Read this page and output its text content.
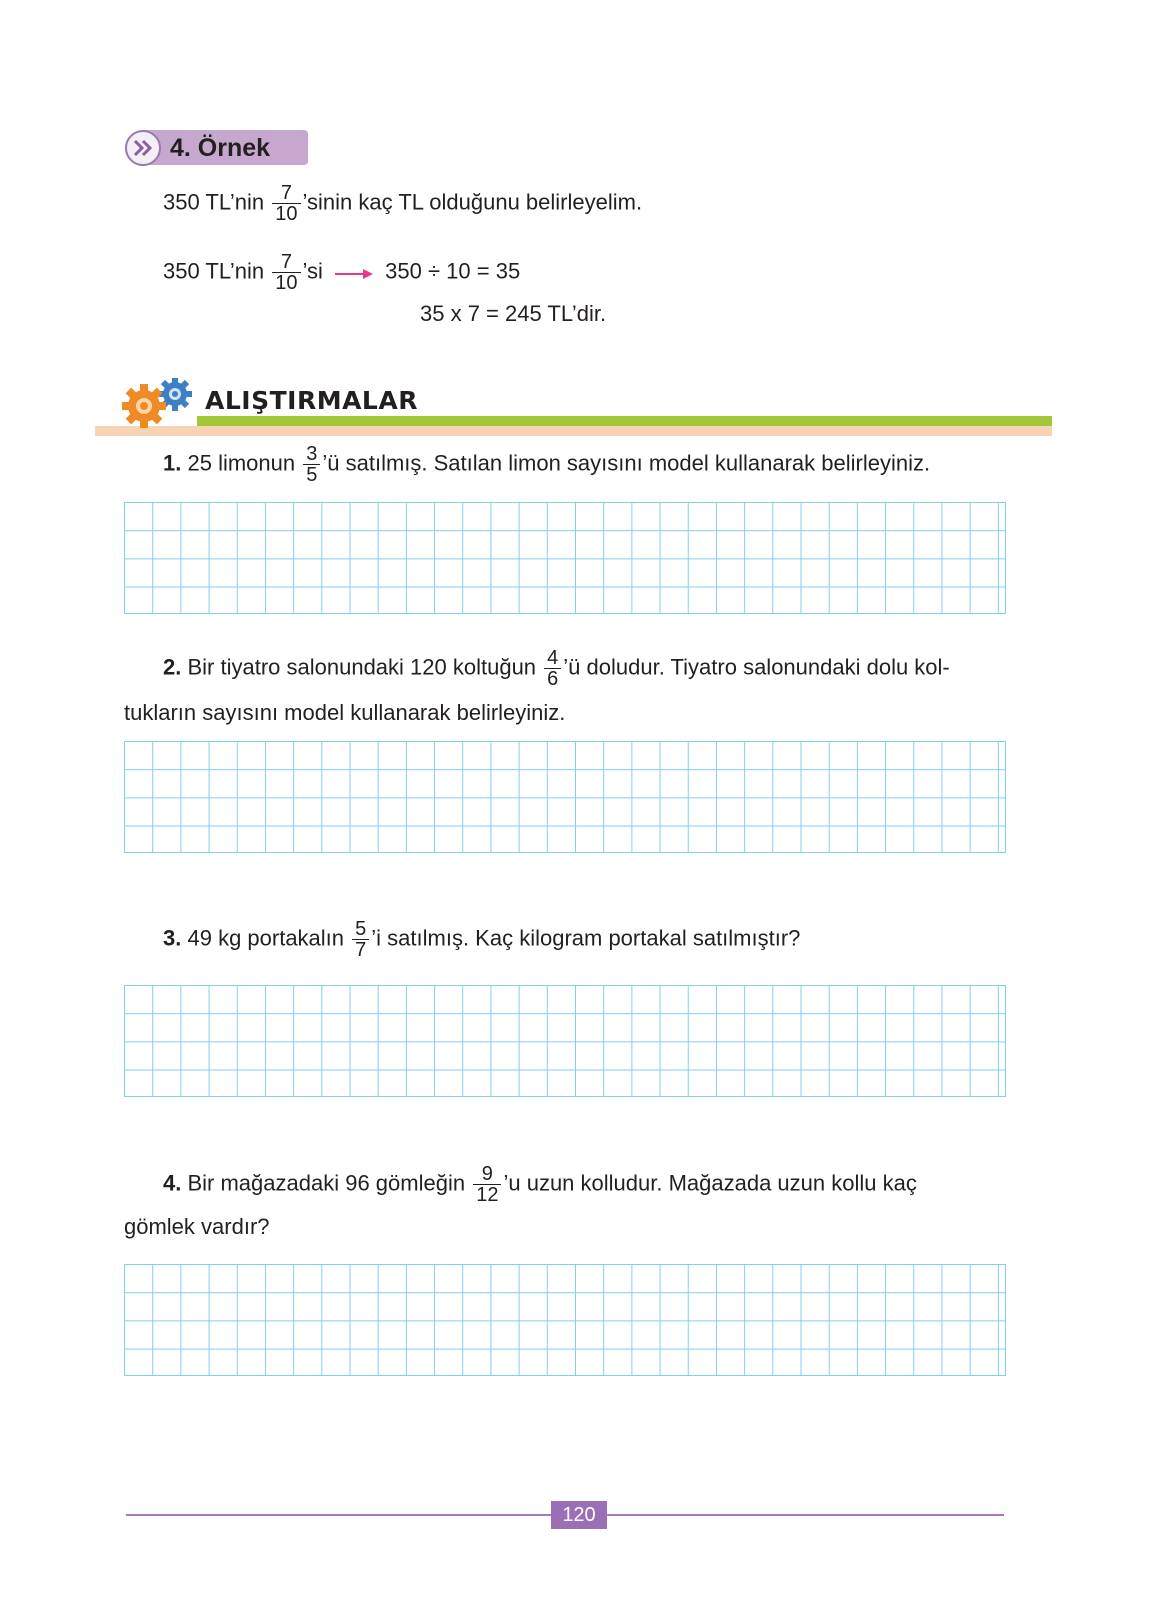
4. Örnek
350 TL’nin $\frac{7}{10}$ ’sinin kaç TL olduğunu belirleyelim.
350 TL’nin $\frac{7}{10}$ ’si	350 ÷ 10 = 35
35 x 7 = 245 TL’dir.
ALIŞTIRMALAR
1. 25 limonun $\frac{3}{5}$ ’ü satılmış. Satılan limon sayısını model kullanarak belirleyiniz.
2. Bir tiyatro salonundaki 120 koltuğun $\frac{4}{6}$ ’ü doludur. Tiyatro salonundaki dolu kol-
tukların sayısını model kullanarak belirleyiniz.
3. 49 kg portakalın $\frac{5}{7}$ ’i satılmış. Kaç kilogram portakal satılmıştır?
4. Bir mağazadaki 96 gömleğin $\frac{9}{12}$ ’u uzun kolludur. Mağazada uzun kollu kaç
gömlek vardır?
120
